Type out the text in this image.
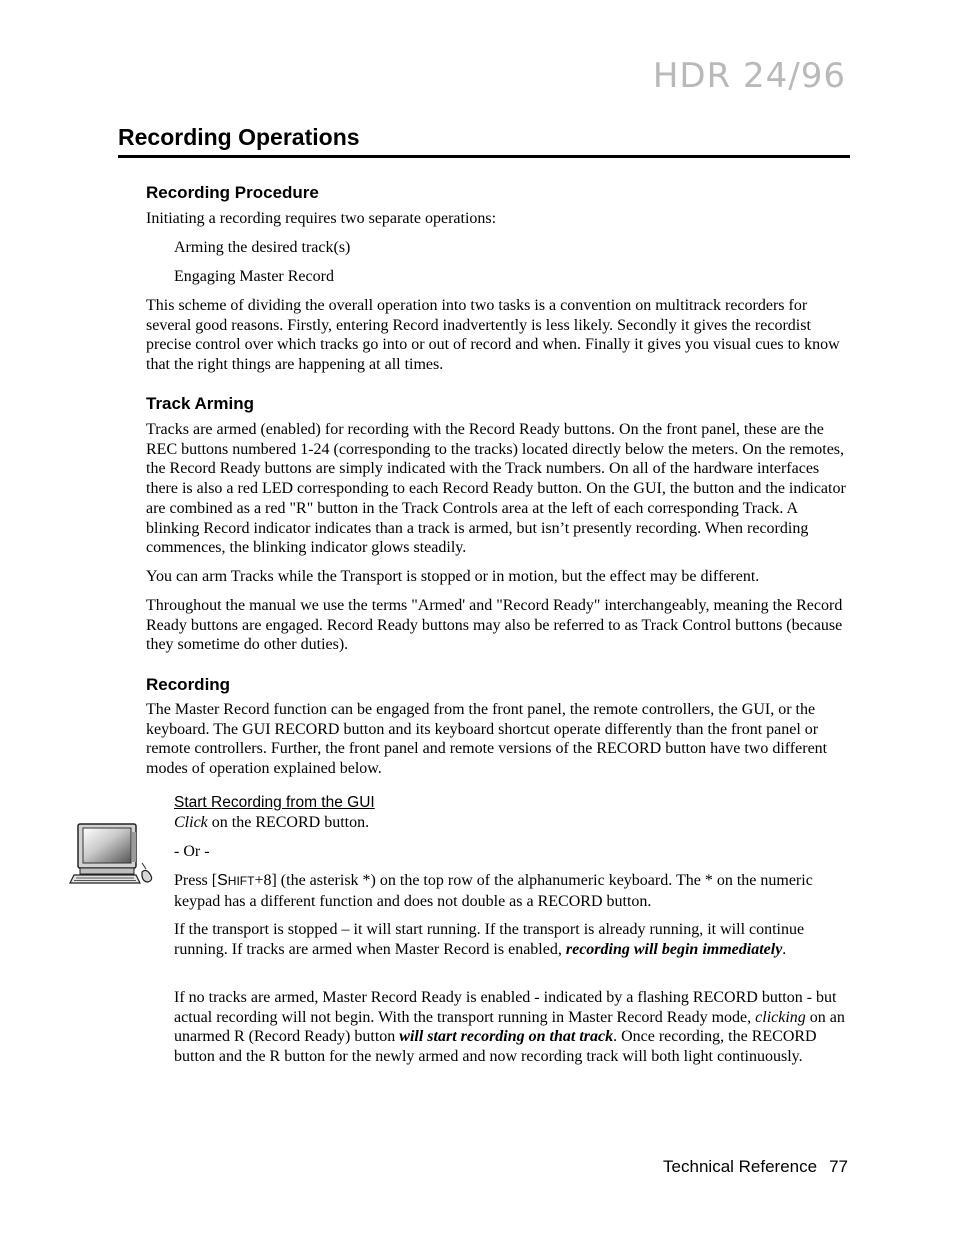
HDR 24/96
Recording Operations
Recording Procedure
Initiating a recording requires two separate operations:
Arming the desired track(s)
Engaging Master Record
This scheme of dividing the overall operation into two tasks is a convention on multitrack recorders for several good reasons. Firstly, entering Record inadvertently is less likely. Secondly it gives the recordist precise control over which tracks go into or out of record and when. Finally it gives you visual cues to know that the right things are happening at all times.
Track Arming
Tracks are armed (enabled) for recording with the Record Ready buttons. On the front panel, these are the REC buttons numbered 1-24 (corresponding to the tracks) located directly below the meters. On the remotes, the Record Ready buttons are simply indicated with the Track numbers. On all of the hardware interfaces there is also a red LED corresponding to each Record Ready button. On the GUI, the button and the indicator are combined as a red "R" button in the Track Controls area at the left of each corresponding Track. A blinking Record indicator indicates than a track is armed, but isn’t presently recording. When recording commences, the blinking indicator glows steadily.
You can arm Tracks while the Transport is stopped or in motion, but the effect may be different.
Throughout the manual we use the terms "Armed' and "Record Ready" interchangeably, meaning the Record Ready buttons are engaged. Record Ready buttons may also be referred to as Track Control buttons (because they sometime do other duties).
Recording
The Master Record function can be engaged from the front panel, the remote controllers, the GUI, or the keyboard. The GUI RECORD button and its keyboard shortcut operate differently than the front panel or remote controllers. Further, the front panel and remote versions of the RECORD button have two different modes of operation explained below.
Start Recording from the GUI
Click on the RECORD button.
- Or -
Press [SHIFT+8] (the asterisk *) on the top row of the alphanumeric keyboard. The * on the numeric keypad has a different function and does not double as a RECORD button.
If the transport is stopped – it will start running. If the transport is already running, it will continue running. If tracks are armed when Master Record is enabled, recording will begin immediately.
If no tracks are armed, Master Record Ready is enabled - indicated by a flashing RECORD button - but actual recording will not begin. With the transport running in Master Record Ready mode, clicking on an unarmed R (Record Ready) button will start recording on that track. Once recording, the RECORD button and the R button for the newly armed and now recording track will both light continuously.
Technical Reference 77
